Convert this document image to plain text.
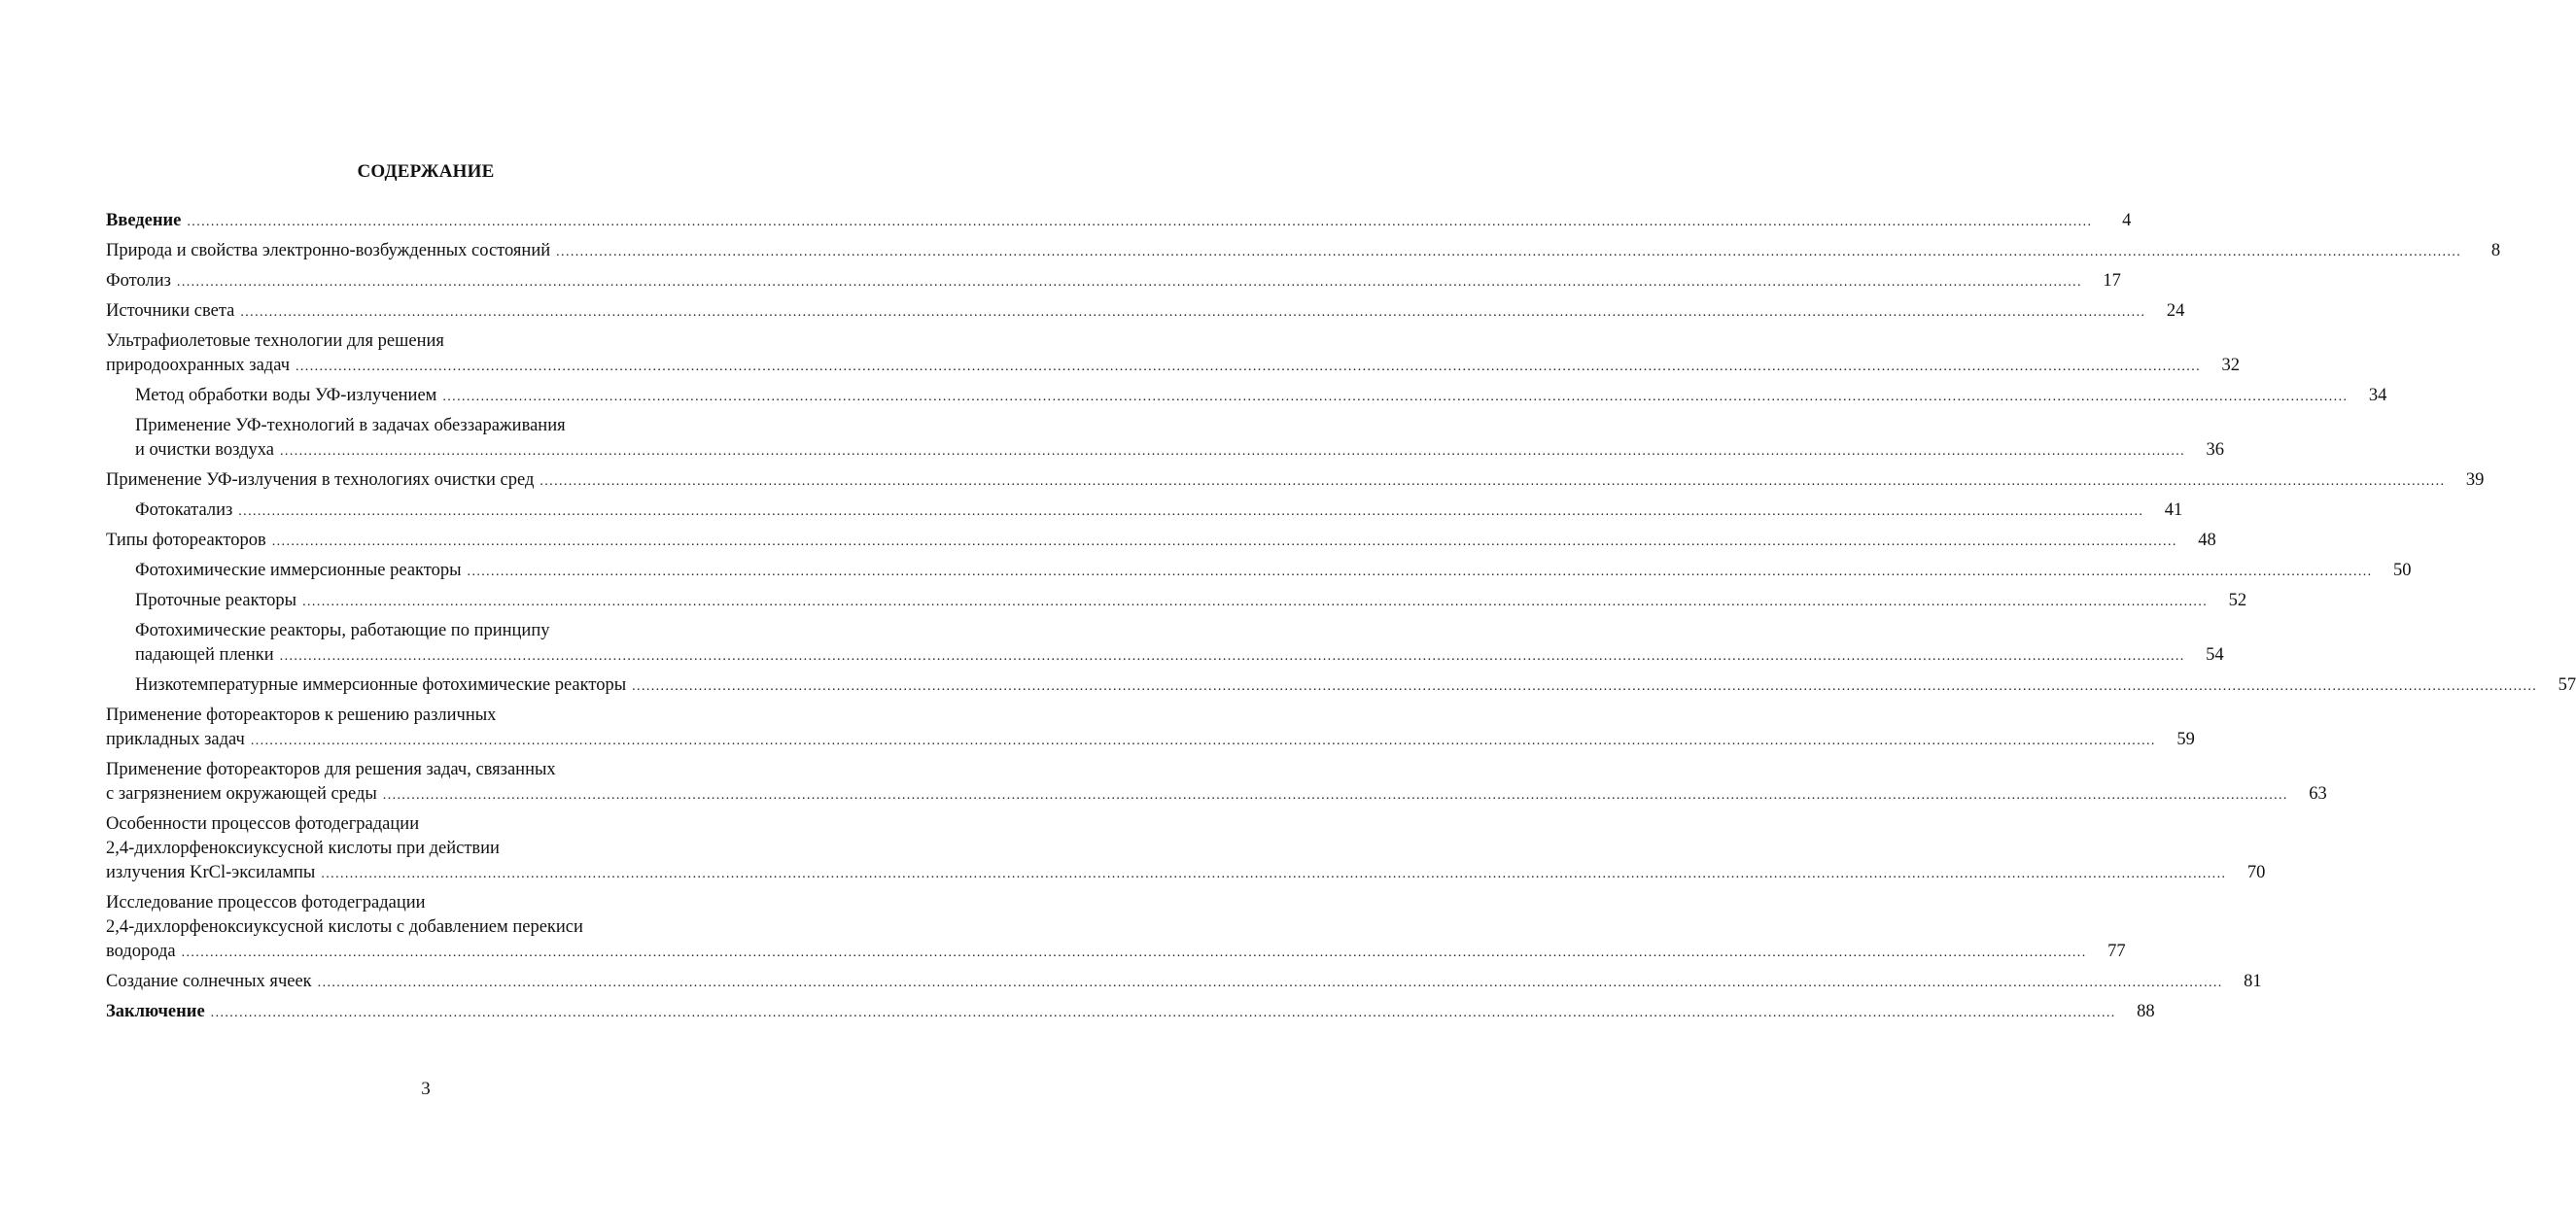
СОДЕРЖАНИЕ
Введение ................................................................................................................................................................................................................................................................................................................................................................................................................	4
Природа и свойства электронно-возбужденных состояний ................................................................................................................................................................................................................................................................................................................................................................................................................	8
Фотолиз ................................................................................................................................................................................................................................................................................................................................................................................................................	17
Источники света ................................................................................................................................................................................................................................................................................................................................................................................................................	24
Ультрафиолетовые технологии для решения
природоохранных задач ................................................................................................................................................................................................................................................................................................................................................................................................................	32
Метод обработки воды УФ-излучением ................................................................................................................................................................................................................................................................................................................................................................................................................	34
Применение УФ-технологий в задачах обеззараживания
и очистки воздуха ................................................................................................................................................................................................................................................................................................................................................................................................................	36
Применение УФ-излучения в технологиях очистки сред ................................................................................................................................................................................................................................................................................................................................................................................................................	39
Фотокатализ ................................................................................................................................................................................................................................................................................................................................................................................................................	41
Типы фотореакторов ................................................................................................................................................................................................................................................................................................................................................................................................................	48
Фотохимические иммерсионные реакторы ................................................................................................................................................................................................................................................................................................................................................................................................................	50
Проточные реакторы ................................................................................................................................................................................................................................................................................................................................................................................................................	52
Фотохимические реакторы, работающие по принципу
падающей пленки ................................................................................................................................................................................................................................................................................................................................................................................................................	54
Низкотемпературные иммерсионные фотохимические реакторы ................................................................................................................................................................................................................................................................................................................................................................................................................	57
Применение фотореакторов к решению различных
прикладных задач ................................................................................................................................................................................................................................................................................................................................................................................................................	59
Применение фотореакторов для решения задач, связанных
с загрязнением окружающей среды ................................................................................................................................................................................................................................................................................................................................................................................................................	63
Особенности процессов фотодеградации
2,4-дихлорфеноксиуксусной кислоты при действии
излучения KrCl-эксилампы ................................................................................................................................................................................................................................................................................................................................................................................................................	70
Исследование процессов фотодеградации
2,4-дихлорфеноксиуксусной кислоты с добавлением перекиси
водорода ................................................................................................................................................................................................................................................................................................................................................................................................................	77
Создание солнечных ячеек ................................................................................................................................................................................................................................................................................................................................................................................................................	81
Заключение ................................................................................................................................................................................................................................................................................................................................................................................................................	88
3
